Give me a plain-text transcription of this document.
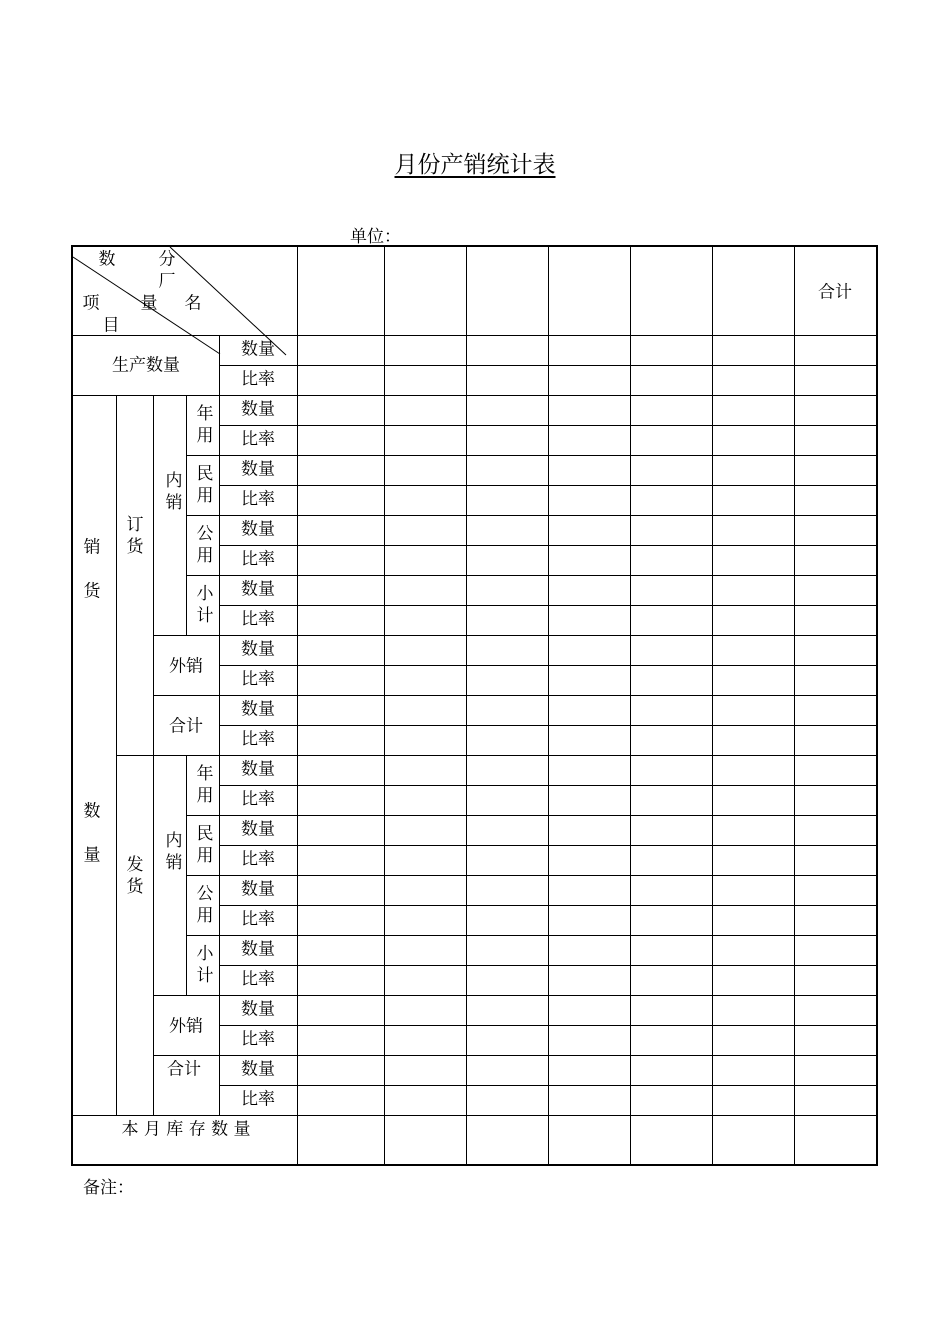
月份产销统计表
单位：
数	分
厂
项 量 名
目
合计
生产数量
销
货
数
量
订货
发货
内销
内销
年用
民用
公用
小计
年用
民用
公用
小计
外销
合计
外销
合计
数量
比率
数量
比率
数量
比率
数量
比率
数量
比率
数量
比率
数量
比率
数量
比率
数量
比率
数量
比率
数量
比率
数量
比率
数量
比率
本 月 库 存 数 量
备注：
